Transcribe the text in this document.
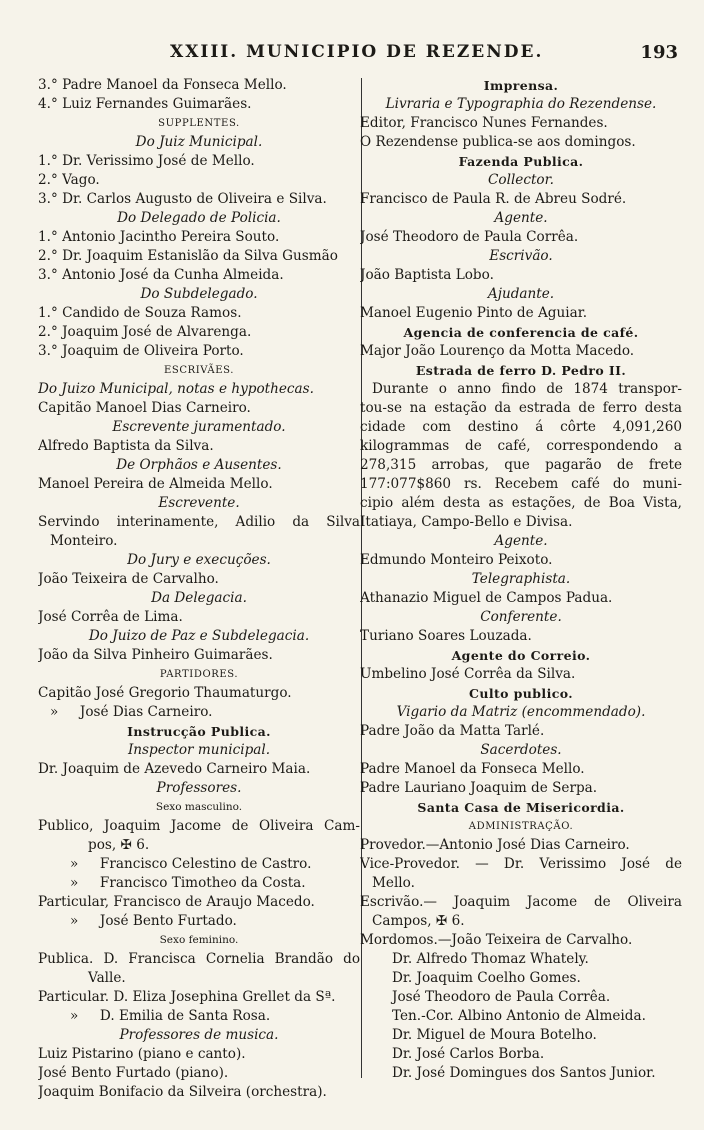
XXIII. MUNICIPIO DE REZENDE.	193
3.° Padre Manoel da Fonseca Mello.
4.° Luiz Fernandes Guimarães.
SUPPLENTES.
Do Juiz Municipal.
1.° Dr. Verissimo José de Mello.
2.° Vago.
3.° Dr. Carlos Augusto de Oliveira e Silva.
Do Delegado de Policia.
1.° Antonio Jacintho Pereira Souto.
2.° Dr. Joaquim Estanislão da Silva Gusmão
3.° Antonio José da Cunha Almeida.
Do Subdelegado.
1.° Candido de Souza Ramos.
2.° Joaquim José de Alvarenga.
3.° Joaquim de Oliveira Porto.
ESCRIVÃES.
Do Juizo Municipal, notas e hypothecas.
Capitão Manoel Dias Carneiro.
Escrevente juramentado.
Alfredo Baptista da Silva.
De Orphãos e Ausentes.
Manoel Pereira de Almeida Mello.
Escrevente.
Servindo interinamente, Adilio da Silva
Monteiro.
Do Jury e execuções.
João Teixeira de Carvalho.
Da Delegacia.
José Corrêa de Lima.
Do Juizo de Paz e Subdelegacia.
João da Silva Pinheiro Guimarães.
PARTIDORES.
Capitão José Gregorio Thaumaturgo.
»     José Dias Carneiro.
Instrucção Publica.
Inspector municipal.
Dr. Joaquim de Azevedo Carneiro Maia.
Professores.
Sexo masculino.
Publico, Joaquim Jacome de Oliveira Cam-
pos, ✠ 6.
»     Francisco Celestino de Castro.
»     Francisco Timotheo da Costa.
Particular, Francisco de Araujo Macedo.
»     José Bento Furtado.
Sexo feminino.
Publica. D. Francisca Cornelia Brandão do
Valle.
Particular. D. Eliza Josephina Grellet da Sª.
»     D. Emilia de Santa Rosa.
Professores de musica.
Luiz Pistarino (piano e canto).
José Bento Furtado (piano).
Joaquim Bonifacio da Silveira (orchestra).
Imprensa.
Livraria e Typographia do Rezendense.
Editor, Francisco Nunes Fernandes.
O Rezendense publica-se aos domingos.
Fazenda Publica.
Collector.
Francisco de Paula R. de Abreu Sodré.
Agente.
José Theodoro de Paula Corrêa.
Escrivão.
João Baptista Lobo.
Ajudante.
Manoel Eugenio Pinto de Aguiar.
Agencia de conferencia de café.
Major João Lourenço da Motta Macedo.
Estrada de ferro D. Pedro II.
Durante o anno findo de 1874 transpor-
tou-se na estação da estrada de ferro desta
cidade com destino á côrte 4,091,260
kilogrammas de café, correspondendo a
278,315 arrobas, que pagarão de frete
177:077$860 rs. Recebem café do muni-
cipio além desta as estações, de Boa Vista,
Itatiaya, Campo-Bello e Divisa.
Agente.
Edmundo Monteiro Peixoto.
Telegraphista.
Athanazio Miguel de Campos Padua.
Conferente.
Turiano Soares Louzada.
Agente do Correio.
Umbelino José Corrêa da Silva.
Culto publico.
Vigario da Matriz (encommendado).
Padre João da Matta Tarlé.
Sacerdotes.
Padre Manoel da Fonseca Mello.
Padre Lauriano Joaquim de Serpa.
Santa Casa de Misericordia.
ADMINISTRAÇÃO.
Provedor.—Antonio José Dias Carneiro.
Vice-Provedor. — Dr. Verissimo José de
Mello.
Escrivão.— Joaquim Jacome de Oliveira
Campos, ✠ 6.
Mordomos.—João Teixeira de Carvalho.
Dr. Alfredo Thomaz Whately.
Dr. Joaquim Coelho Gomes.
José Theodoro de Paula Corrêa.
Ten.-Cor. Albino Antonio de Almeida.
Dr. Miguel de Moura Botelho.
Dr. José Carlos Borba.
Dr. José Domingues dos Santos Junior.
